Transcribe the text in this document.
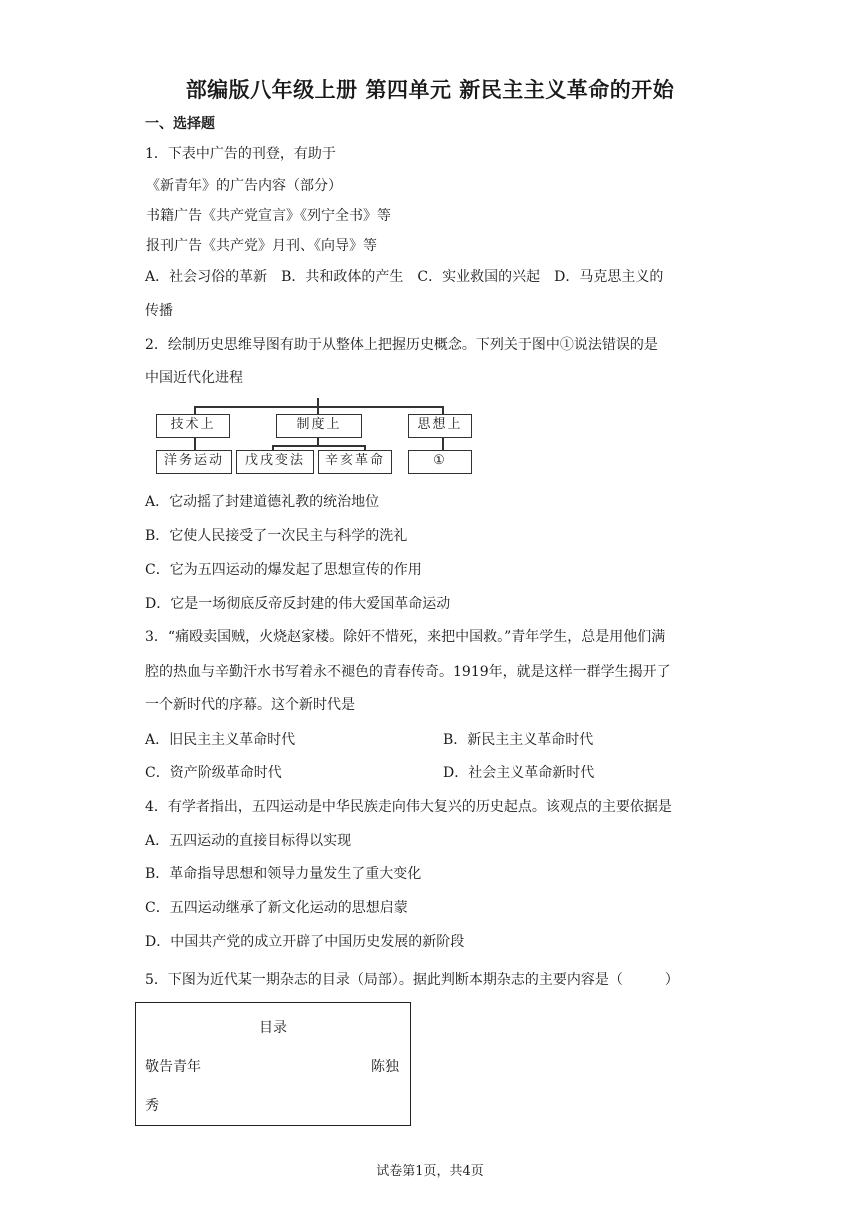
部编版八年级上册 第四单元 新民主主义革命的开始
一、选择题
1．下表中广告的刊登，有助于
《新青年》的广告内容（部分）
书籍广告《共产党宣言》《列宁全书》等
报刊广告《共产党》月刊、《向导》等
A．社会习俗的革新　B．共和政体的产生　C．实业救国的兴起　D．马克思主义的
传播
2．绘制历史思维导图有助于从整体上把握历史概念。下列关于图中①说法错误的是
中国近代化进程
技术上	制度上	思想上
洋务运动	戊戌变法	辛亥革命	①
A．它动摇了封建道德礼教的统治地位
B．它使人民接受了一次民主与科学的洗礼
C．它为五四运动的爆发起了思想宣传的作用
D．它是一场彻底反帝反封建的伟大爱国革命运动
3．“痛殴卖国贼，火烧赵家楼。除奸不惜死，来把中国救。”青年学生，总是用他们满
腔的热血与辛勤汗水书写着永不褪色的青春传奇。1919年，就是这样一群学生揭开了
一个新时代的序幕。这个新时代是
A．旧民主主义革命时代	B．新民主主义革命时代
C．资产阶级革命时代	D．社会主义革命新时代
4．有学者指出，五四运动是中华民族走向伟大复兴的历史起点。该观点的主要依据是
A．五四运动的直接目标得以实现
B．革命指导思想和领导力量发生了重大变化
C．五四运动继承了新文化运动的思想启蒙
D．中国共产党的成立开辟了中国历史发展的新阶段
5．下图为近代某一期杂志的目录（局部）。据此判断本期杂志的主要内容是（　　　）
目录
敬告青年	陈独
秀
试卷第1页，共4页
